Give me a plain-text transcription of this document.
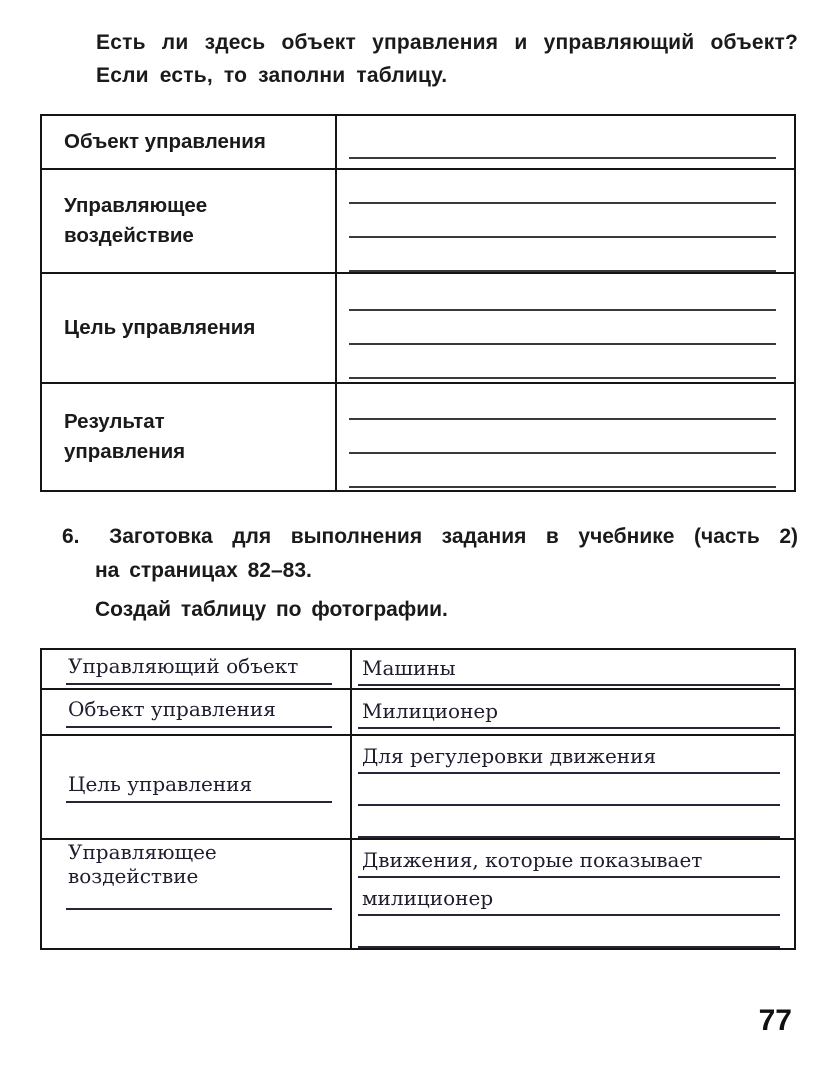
Есть ли здесь объект управления и управляющий объект?
Если есть, то заполни таблицу.
Объект управления	

Управляющее воздействие	

Цель управляения	

Результат управления	

6. Заготовка для выполнения задания в учебнике (часть 2)
на страницах 82–83.
Создай таблицу по фотографии.
Управляющий объект	Машины

Объект управления	Милиционер

Цель управления	Для регулеровки движения

Управляющее воздействие	Движения, которые показывает
милиционер
77
